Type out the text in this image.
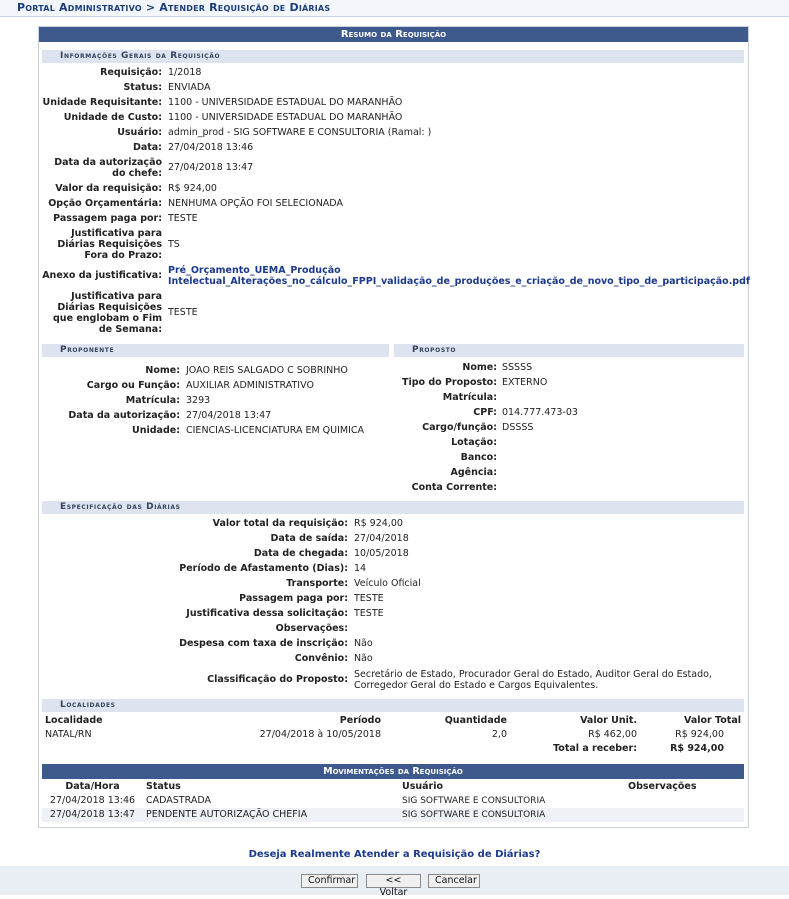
Portal Administrativo > Atender Requisição de Diárias
Resumo da Requisição
Informações Gerais da Requisição
Requisição: 1/2018
Status: ENVIADA
Unidade Requisitante: 1100 - UNIVERSIDADE ESTADUAL DO MARANHÃO
Unidade de Custo: 1100 - UNIVERSIDADE ESTADUAL DO MARANHÃO
Usuário: admin_prod - SIG SOFTWARE E CONSULTORIA (Ramal: )
Data: 27/04/2018 13:46
Data da autorização do chefe:
27/04/2018 13:47
Valor da requisição: R$ 924,00
Opção Orçamentária: NENHUMA OPÇÃO FOI SELECIONADA
Passagem paga por: TESTE
Justificativa para Diárias Requisições Fora do Prazo:
TS
Anexo da justificativa: Pré_Orçamento_UEMA_Produção Intelectual_Alterações_no_cálculo_FPPI_validação_de_produções_e_criação_de_novo_tipo_de_participação.pdf
Justificativa para Diárias Requisições que englobam o Fim de Semana:
TESTE
Proponente	Proposto
Nome: JOAO REIS SALGADO C SOBRINHO
Cargo ou Função: AUXILIAR ADMINISTRATIVO
Matrícula: 3293
Data da autorização: 27/04/2018 13:47
Unidade: CIENCIAS-LICENCIATURA EM QUIMICA
Nome: SSSSS
Tipo do Proposto: EXTERNO
Matrícula:
CPF: 014.777.473-03
Cargo/função: DSSSS
Lotação:
Banco:
Agência:
Conta Corrente:
Especificação das Diárias
Valor total da requisição: R$ 924,00
Data de saída: 27/04/2018
Data de chegada: 10/05/2018
Período de Afastamento (Dias): 14
Transporte: Veículo Oficial
Passagem paga por: TESTE
Justificativa dessa solicitação: TESTE
Observações:
Despesa com taxa de inscrição: Não
Convênio: Não
Classificação do Proposto: Secretário de Estado, Procurador Geral do Estado, Auditor Geral do Estado, Corregedor Geral do Estado e Cargos Equivalentes.
Localidades
Localidade	Período	Quantidade	Valor Unit.	Valor Total
NATAL/RN	27/04/2018 à 10/05/2018	2,0	R$ 462,00	R$ 924,00
			Total a receber:	R$ 924,00
Movimentações da Requisição
Data/Hora	Status	Usuário	Observações
27/04/2018 13:46	CADASTRADA	SIG SOFTWARE E CONSULTORIA	
27/04/2018 13:47	PENDENTE AUTORIZAÇÃO CHEFIA	SIG SOFTWARE E CONSULTORIA	
Deseja Realmente Atender a Requisição de Diárias?
Confirmar	<< Voltar
Cancelar
